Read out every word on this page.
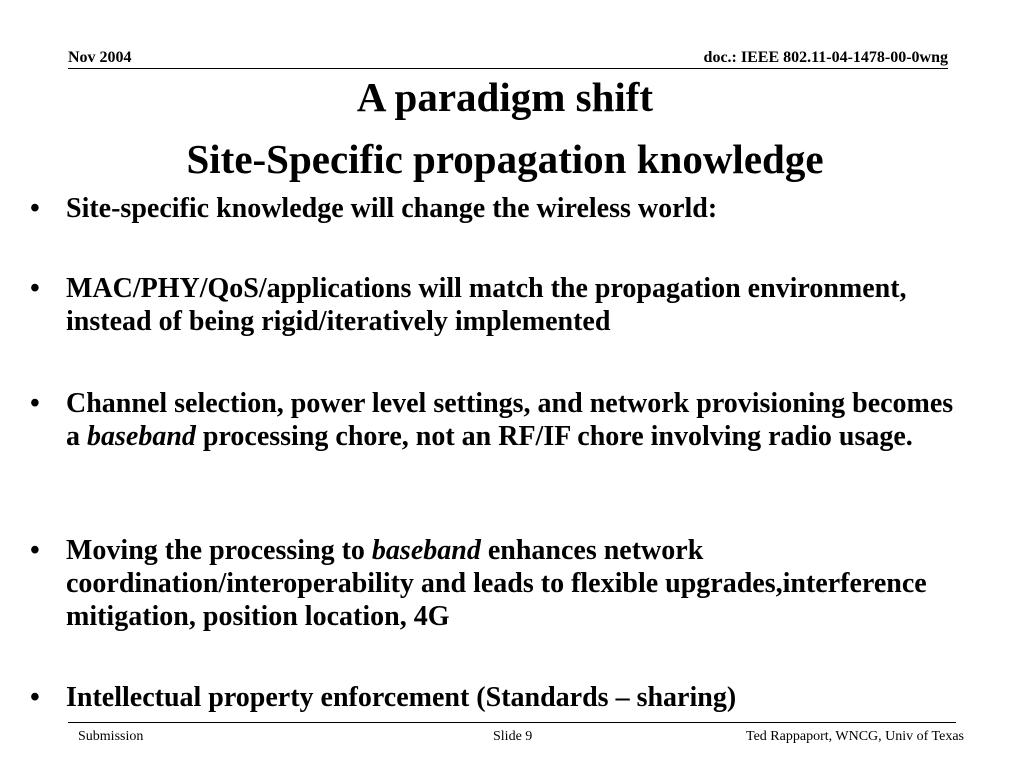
Nov 2004	doc.: IEEE 802.11-04-1478-00-0wng

A paradigm shift
Site-Specific propagation knowledge
• Site-specific knowledge will change the wireless world:

• MAC/PHY/QoS/applications will match the propagation environment, instead of being rigid/iteratively implemented

• Channel selection, power level settings, and network provisioning becomes a baseband processing chore, not an RF/IF chore involving radio usage.

• Moving the processing to baseband enhances network coordination/interoperability and leads to flexible upgrades,interference mitigation, position location, 4G

• Intellectual property enforcement (Standards – sharing)

Submission	Slide 9	Ted Rappaport, WNCG, Univ of Texas
